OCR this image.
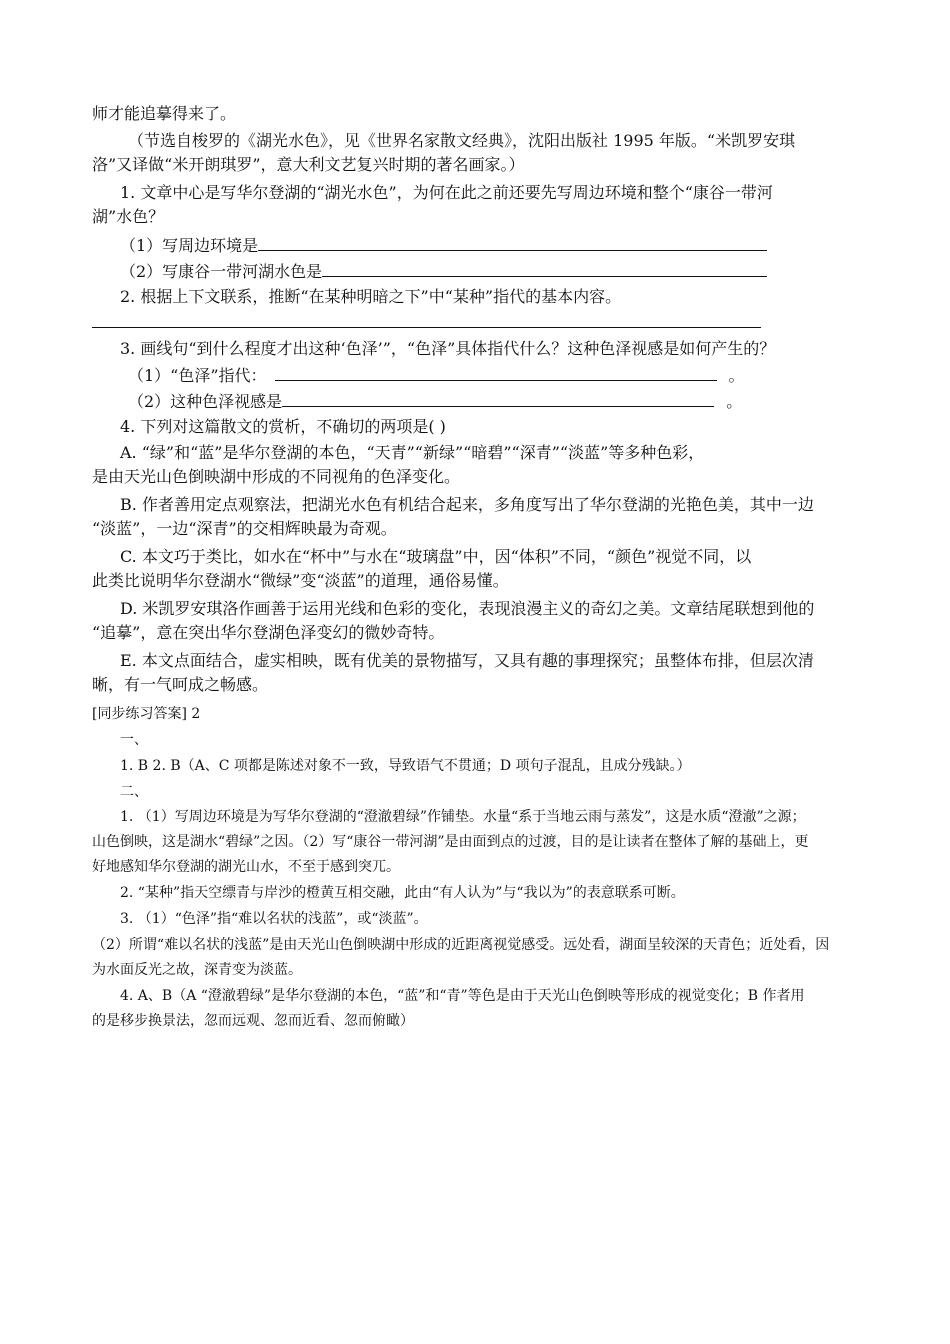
师才能追摹得来了。
（节选自梭罗的《湖光水色》，见《世界名家散文经典》，沈阳出版社 1995 年版。“米凯罗安琪
洛”又译做“米开朗琪罗”，意大利文艺复兴时期的著名画家。）
1. 文章中心是写华尔登湖的“湖光水色”，为何在此之前还要先写周边环境和整个“康谷一带河
湖”水色？
（1）写周边环境是
（2）写康谷一带河湖水色是
2. 根据上下文联系，推断“在某种明暗之下”中“某种”指代的基本内容。
3. 画线句“到什么程度才出这种‘色泽’”，“色泽”具体指代什么？这种色泽视感是如何产生的？
（1）“色泽”指代：	。
（2）这种色泽视感是	。
4. 下列对这篇散文的赏析，不确切的两项是( )
A. “绿”和“蓝”是华尔登湖的本色，“天青”“新绿”“暗碧”“深青”“淡蓝”等多种色彩，
是由天光山色倒映湖中形成的不同视角的色泽变化。
B. 作者善用定点观察法，把湖光水色有机结合起来，多角度写出了华尔登湖的光艳色美，其中一边
“淡蓝”，一边“深青”的交相辉映最为奇观。
C. 本文巧于类比，如水在“杯中”与水在“玻璃盘”中，因“体积”不同，“颜色”视觉不同，以
此类比说明华尔登湖水“微绿”变“淡蓝”的道理，通俗易懂。
D. 米凯罗安琪洛作画善于运用光线和色彩的变化，表现浪漫主义的奇幻之美。文章结尾联想到他的
“追摹”，意在突出华尔登湖色泽变幻的微妙奇特。
E. 本文点面结合，虚实相映，既有优美的景物描写，又具有趣的事理探究；虽整体布排，但层次清
晰，有一气呵成之畅感。
[同步练习答案] 2
一、
1. B 2. B（A、C 项都是陈述对象不一致，导致语气不贯通；D 项句子混乱，且成分残缺。）
二、
1. （1）写周边环境是为写华尔登湖的“澄澈碧绿”作铺垫。水量“系于当地云雨与蒸发”，这是水质“澄澈”之源；
山色倒映，这是湖水“碧绿”之因。（2）写“康谷一带河湖”是由面到点的过渡，目的是让读者在整体了解的基础上，更
好地感知华尔登湖的湖光山水，不至于感到突兀。
2. “某种”指天空缥青与岸沙的橙黄互相交融，此由“有人认为”与“我以为”的表意联系可断。
3. （1）“色泽”指“难以名状的浅蓝”，或“淡蓝”。
（2）所谓“难以名状的浅蓝”是由天光山色倒映湖中形成的近距离视觉感受。远处看，湖面呈较深的天青色；近处看，因
为水面反光之故，深青变为淡蓝。
4. A、B（A “澄澈碧绿”是华尔登湖的本色，“蓝”和“青”等色是由于天光山色倒映等形成的视觉变化；B 作者用
的是移步换景法，忽而远观、忽而近看、忽而俯瞰）
